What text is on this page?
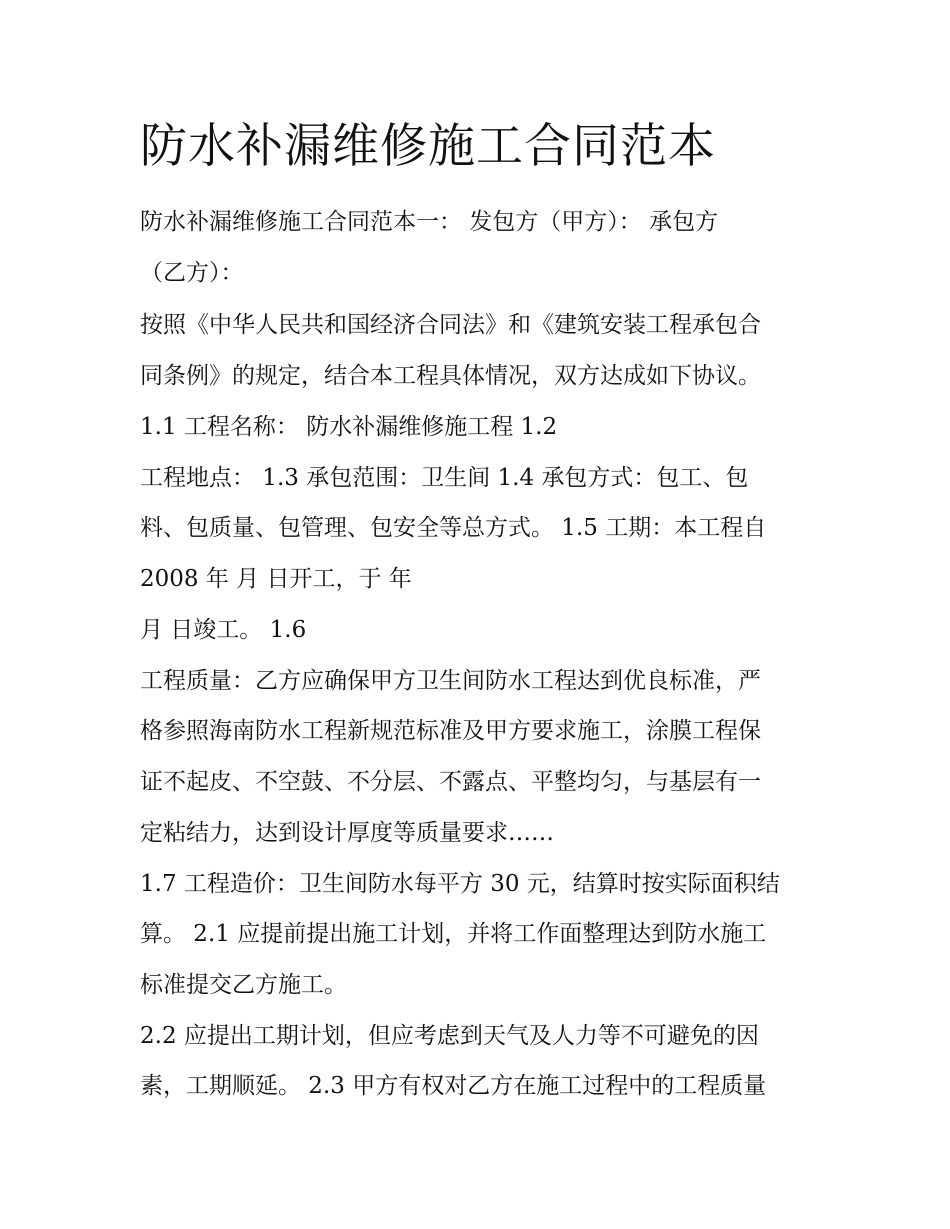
防水补漏维修施工合同范本

防水补漏维修施工合同范本一： 发包方（甲方）： 承包方

（乙方）：

按照《中华人民共和国经济合同法》和《建筑安装工程承包合

同条例》的规定，结合本工程具体情况，双方达成如下协议。

1.1 工程名称： 防水补漏维修施工程 1.2

工程地点： 1.3 承包范围：卫生间 1.4 承包方式：包工、包

料、包质量、包管理、包安全等总方式。 1.5 工期：本工程自

2008 年 月 日开工，于 年

月 日竣工。 1.6

工程质量：乙方应确保甲方卫生间防水工程达到优良标准，严

格参照海南防水工程新规范标准及甲方要求施工，涂膜工程保

证不起皮、不空鼓、不分层、不露点、平整均匀，与基层有一

定粘结力，达到设计厚度等质量要求……

1.7 工程造价：卫生间防水每平方 30 元，结算时按实际面积结

算。 2.1 应提前提出施工计划，并将工作面整理达到防水施工

标准提交乙方施工。

2.2 应提出工期计划，但应考虑到天气及人力等不可避免的因

素，工期顺延。 2.3 甲方有权对乙方在施工过程中的工程质量
